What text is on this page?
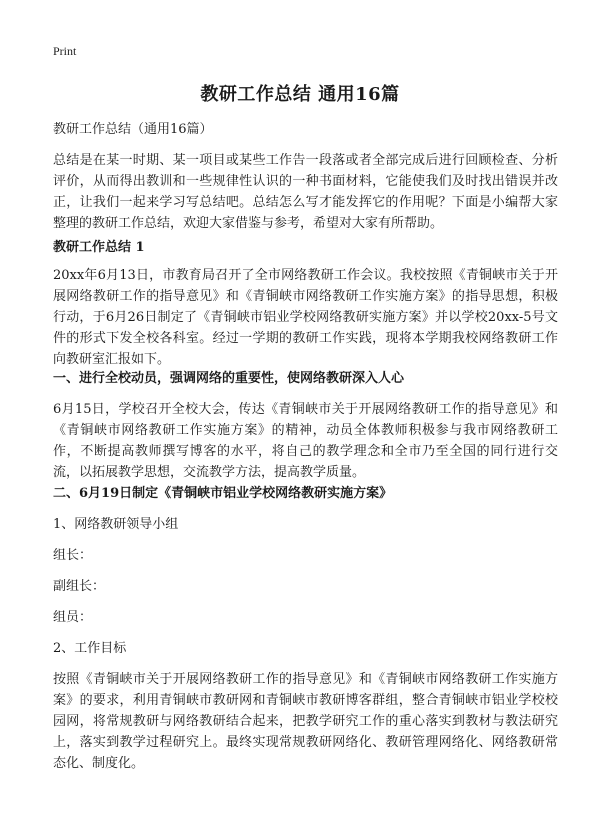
Print
教研工作总结 通用16篇
教研工作总结（通用16篇）
总结是在某一时期、某一项目或某些工作告一段落或者全部完成后进行回顾检查、分析评价，从而得出教训和一些规律性认识的一种书面材料，它能使我们及时找出错误并改正，让我们一起来学习写总结吧。总结怎么写才能发挥它的作用呢？下面是小编帮大家整理的教研工作总结，欢迎大家借鉴与参考，希望对大家有所帮助。
教研工作总结 1
20xx年6月13日，市教育局召开了全市网络教研工作会议。我校按照《青铜峡市关于开展网络教研工作的指导意见》和《青铜峡市网络教研工作实施方案》的指导思想，积极行动，于6月26日制定了《青铜峡市铝业学校网络教研实施方案》并以学校20xx-5号文件的形式下发全校各科室。经过一学期的教研工作实践，现将本学期我校网络教研工作向教研室汇报如下。
一、进行全校动员，强调网络的重要性，使网络教研深入人心
6月15日，学校召开全校大会，传达《青铜峡市关于开展网络教研工作的指导意见》和《青铜峡市网络教研工作实施方案》的精神，动员全体教师积极参与我市网络教研工作，不断提高教师撰写博客的水平，将自己的教学理念和全市乃至全国的同行进行交流，以拓展教学思想，交流教学方法，提高教学质量。
二、6月19日制定《青铜峡市铝业学校网络教研实施方案》
1、网络教研领导小组
组长：
副组长：
组员：
2、工作目标
按照《青铜峡市关于开展网络教研工作的指导意见》和《青铜峡市网络教研工作实施方案》的要求，利用青铜峡市教研网和青铜峡市教研博客群组，整合青铜峡市铝业学校校园网，将常规教研与网络教研结合起来，把教学研究工作的重心落实到教材与教法研究上，落实到教学过程研究上。最终实现常规教研网络化、教研管理网络化、网络教研常态化、制度化。
